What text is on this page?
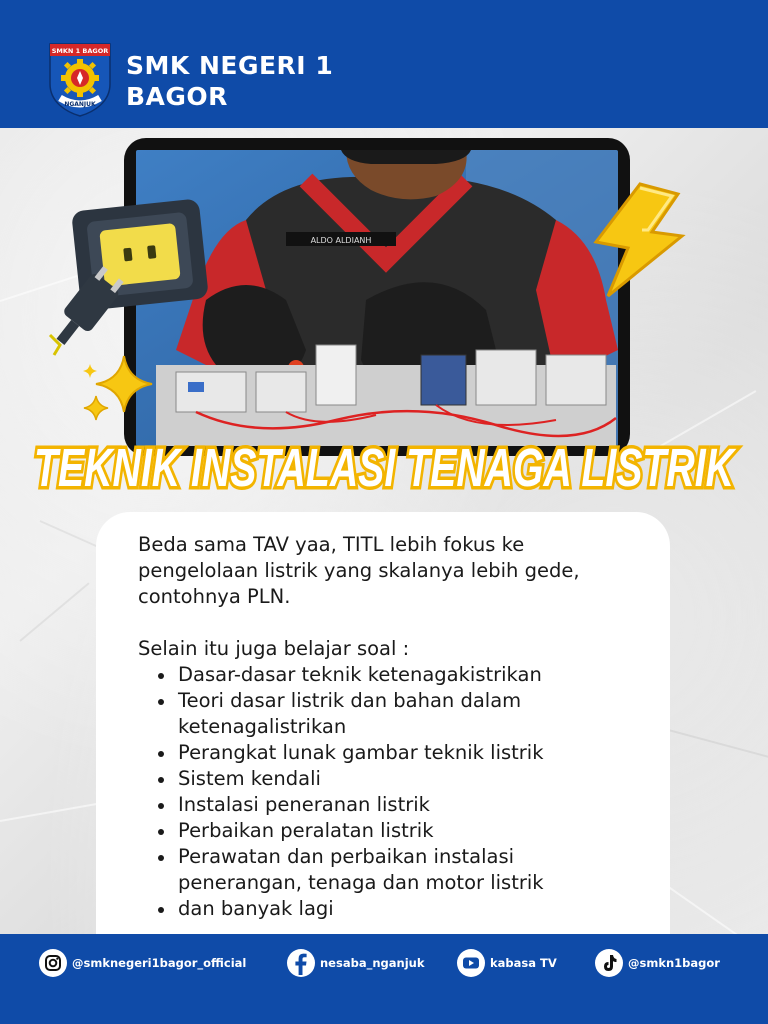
SMKN 1 BAGOR
NGANJUK
SMK NEGERI 1
BAGOR
ALDO ALDIANH
TEKNIK INSTALASI TENAGA LISTRIK

Beda sama TAV yaa, TITL lebih fokus ke pengelolaan listrik yang skalanya lebih gede, contohnya PLN.

Selain itu juga belajar soal :

Dasar-dasar teknik ketenagakistrikan
Teori dasar listrik dan bahan dalam ketenagalistrikan
Perangkat lunak gambar teknik listrik
Sistem kendali
Instalasi peneranan listrik
Perbaikan peralatan listrik
Perawatan dan perbaikan instalasi penerangan, tenaga dan motor listrik
dan banyak lagi
@smknegeri1bagor_official	nesaba_nganjuk	kabasa TV	@smkn1bagor
